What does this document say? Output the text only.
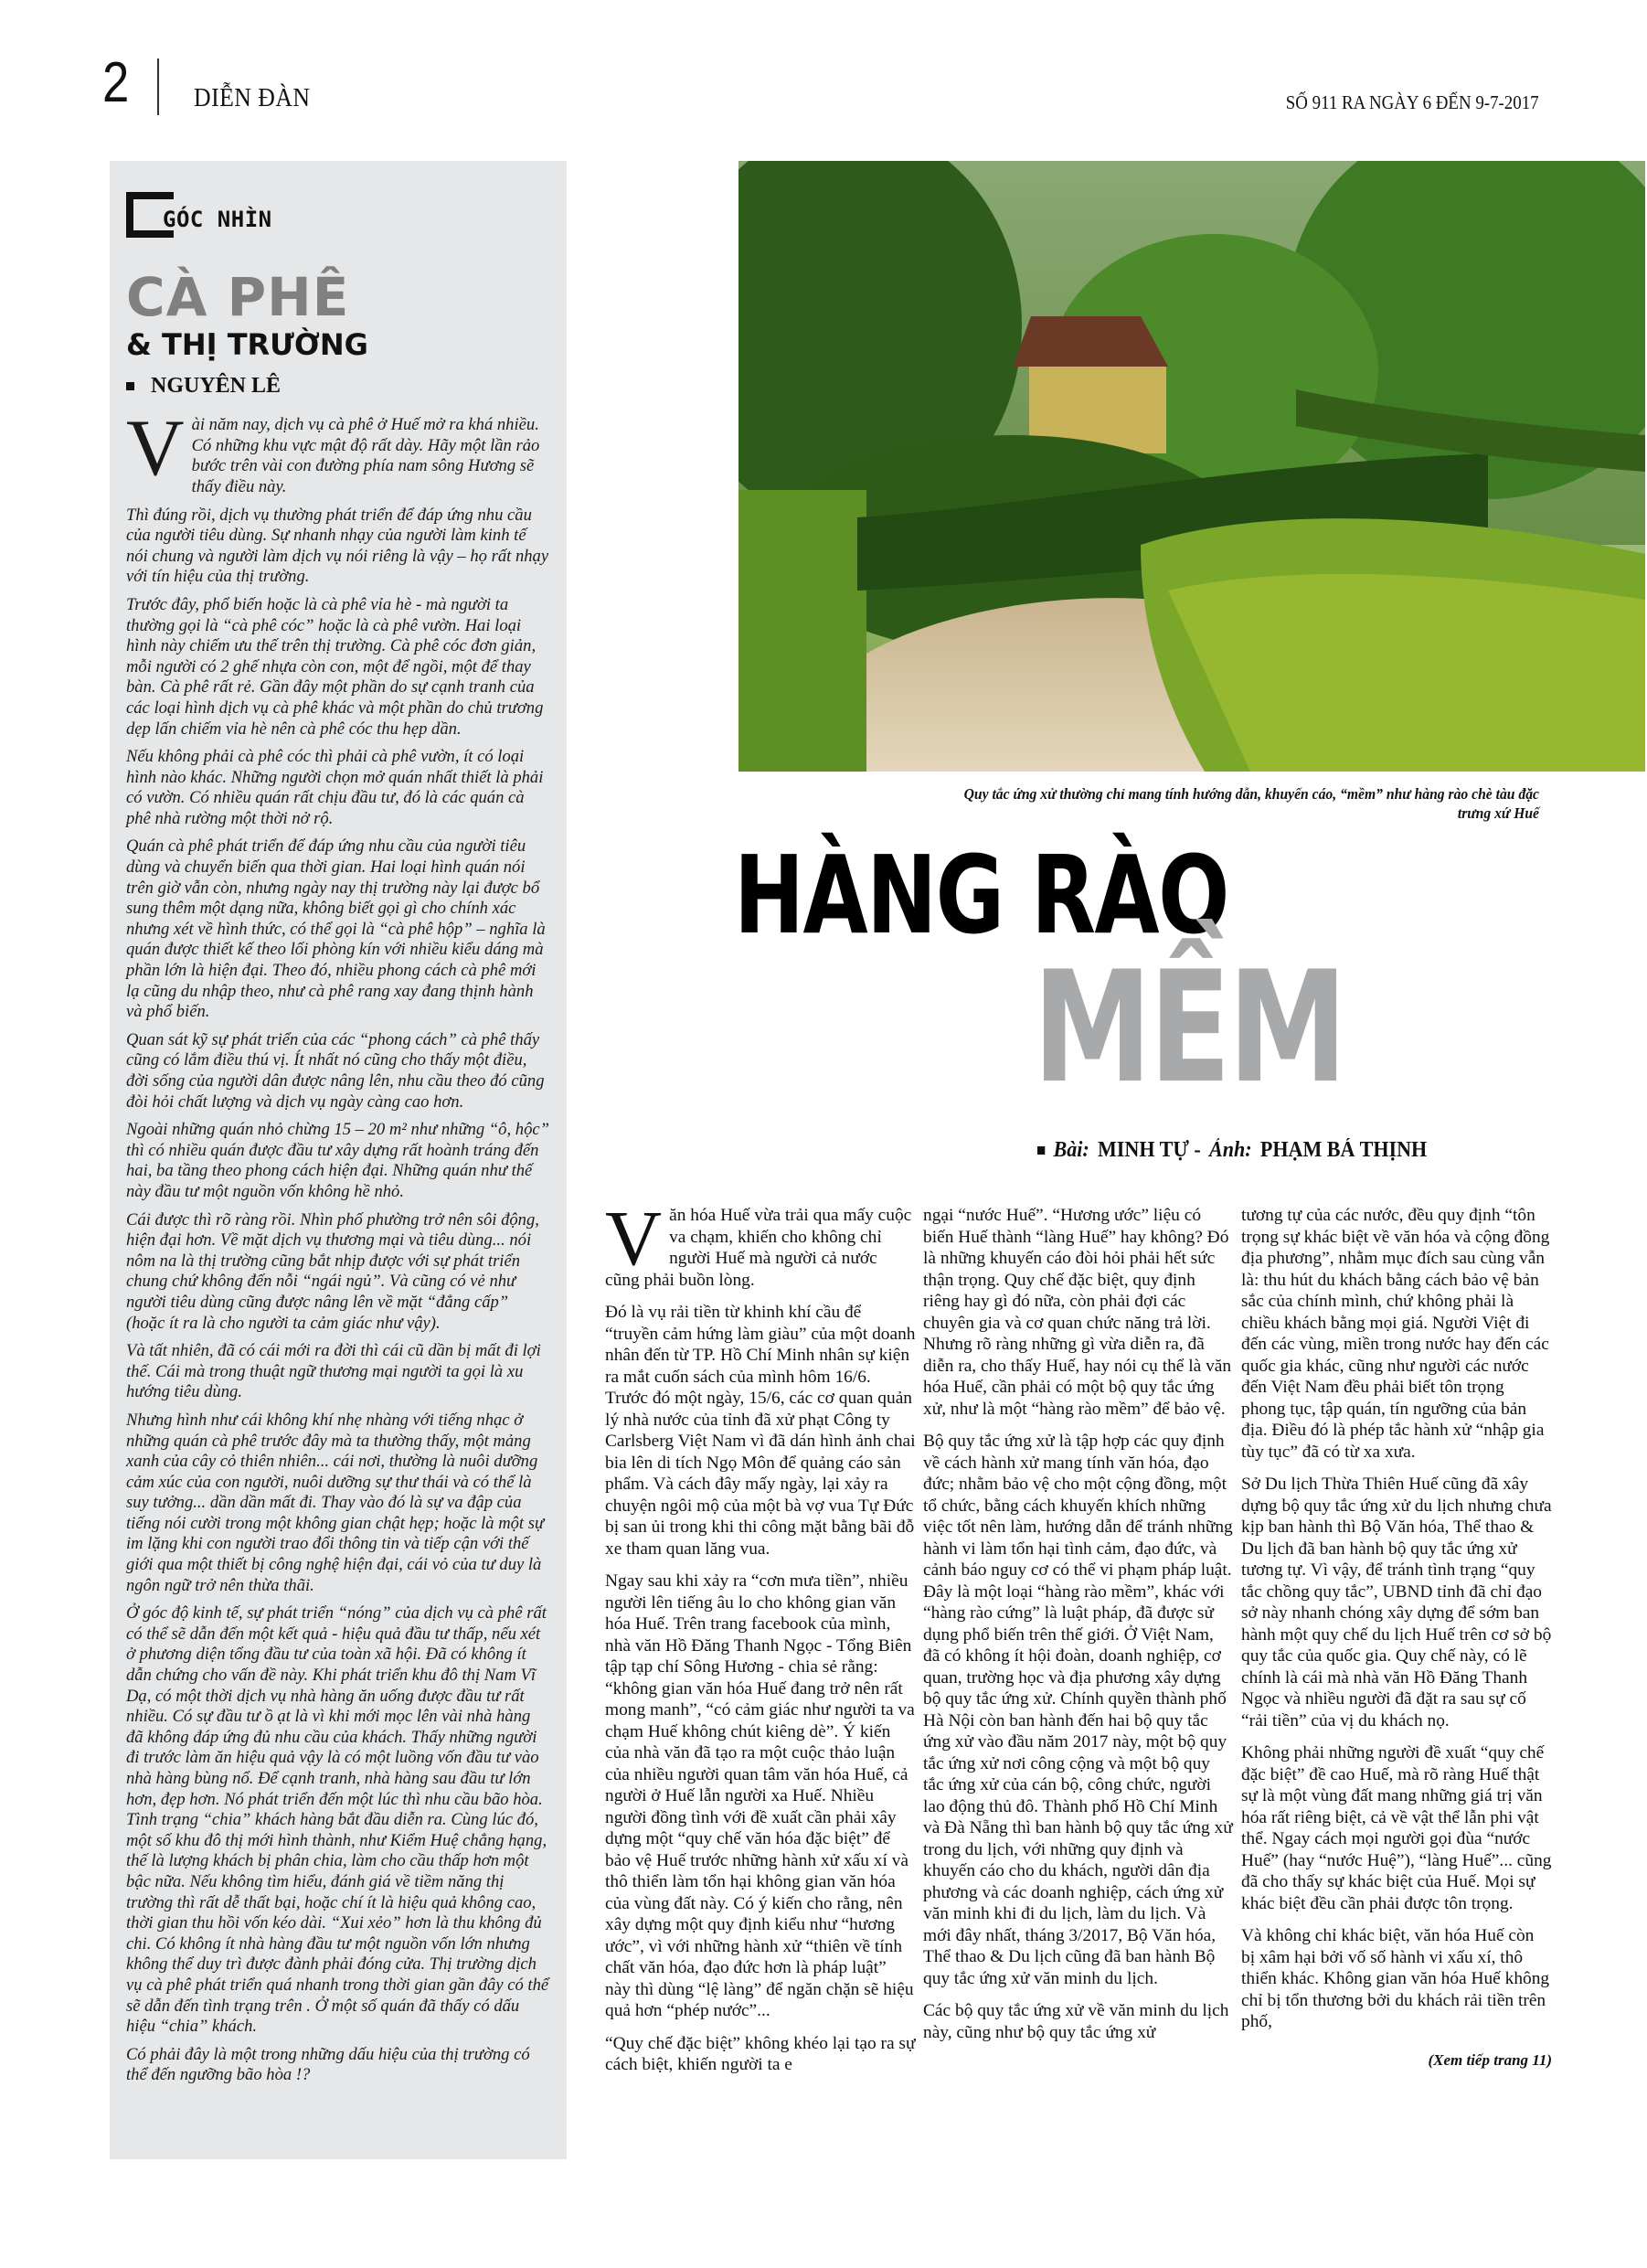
2	DIỄN ĐÀN	SỐ 911 RA NGÀY 6 ĐẾN 9-7-2017
GÓC NHÌN
CÀ PHÊ
& THỊ TRƯỜNG
NGUYÊN LÊ

Vài năm nay, dịch vụ cà phê ở Huế mở ra khá nhiều. Có những khu vực mật độ rất dày. Hãy một lần rảo bước trên vài con đường phía nam sông Hương sẽ thấy điều này.

Thì đúng rồi, dịch vụ thường phát triển để đáp ứng nhu cầu của người tiêu dùng. Sự nhanh nhạy của người làm kinh tế nói chung và người làm dịch vụ nói riêng là vậy – họ rất nhạy với tín hiệu của thị trường.

Trước đây, phổ biến hoặc là cà phê vỉa hè - mà người ta thường gọi là “cà phê cóc” hoặc là cà phê vườn. Hai loại hình này chiếm ưu thế trên thị trường. Cà phê cóc đơn giản, mỗi người có 2 ghế nhựa còn con, một để ngồi, một để thay bàn. Cà phê rất rẻ. Gần đây một phần do sự cạnh tranh của các loại hình dịch vụ cà phê khác và một phần do chủ trương dẹp lấn chiếm vỉa hè nên cà phê cóc thu hẹp dần.

Nếu không phải cà phê cóc thì phải cà phê vườn, ít có loại hình nào khác. Những người chọn mở quán nhất thiết là phải có vườn. Có nhiều quán rất chịu đầu tư, đó là các quán cà phê nhà rường một thời nở rộ.

Quán cà phê phát triển để đáp ứng nhu cầu của người tiêu dùng và chuyển biến qua thời gian. Hai loại hình quán nói trên giờ vẫn còn, nhưng ngày nay thị trường này lại được bổ sung thêm một dạng nữa, không biết gọi gì cho chính xác nhưng xét về hình thức, có thể gọi là “cà phê hộp” – nghĩa là quán được thiết kế theo lối phòng kín với nhiều kiểu dáng mà phần lớn là hiện đại. Theo đó, nhiều phong cách cà phê mới lạ cũng du nhập theo, như cà phê rang xay đang thịnh hành và phổ biến.

Quan sát kỹ sự phát triển của các “phong cách” cà phê thấy cũng có lắm điều thú vị. Ít nhất nó cũng cho thấy một điều, đời sống của người dân được nâng lên, nhu cầu theo đó cũng đòi hỏi chất lượng và dịch vụ ngày càng cao hơn.

Ngoài những quán nhỏ chừng 15 – 20 m² như những “ô, hộc” thì có nhiều quán được đầu tư xây dựng rất hoành tráng đến hai, ba tầng theo phong cách hiện đại. Những quán như thế này đầu tư một nguồn vốn không hề nhỏ.

Cái được thì rõ ràng rồi. Nhìn phố phường trở nên sôi động, hiện đại hơn. Về mặt dịch vụ thương mại và tiêu dùng... nói nôm na là thị trường cũng bắt nhịp được với sự phát triển chung chứ không đến nỗi “ngái ngủ”. Và cũng có vẻ như người tiêu dùng cũng được nâng lên về mặt “đẳng cấp” (hoặc ít ra là cho người ta cảm giác như vậy).

Và tất nhiên, đã có cái mới ra đời thì cái cũ dần bị mất đi lợi thế. Cái mà trong thuật ngữ thương mại người ta gọi là xu hướng tiêu dùng.

Nhưng hình như cái không khí nhẹ nhàng với tiếng nhạc ở những quán cà phê trước đây mà ta thường thấy, một mảng xanh của cây cỏ thiên nhiên... cái nơi, thường là nuôi dưỡng cảm xúc của con người, nuôi dưỡng sự thư thái và có thể là suy tưởng... dần dần mất đi. Thay vào đó là sự va đập của tiếng nói cười trong một không gian chật hẹp; hoặc là một sự im lặng khi con người trao đổi thông tin và tiếp cận với thế giới qua một thiết bị công nghệ hiện đại, cái vỏ của tư duy là ngôn ngữ trở nên thừa thãi.

Ở góc độ kinh tế, sự phát triển “nóng” của dịch vụ cà phê rất có thể sẽ dẫn đến một kết quả - hiệu quả đầu tư thấp, nếu xét ở phương diện tổng đầu tư của toàn xã hội. Đã có không ít dẫn chứng cho vấn đề này. Khi phát triển khu đô thị Nam Vĩ Dạ, có một thời dịch vụ nhà hàng ăn uống được đầu tư rất nhiều. Có sự đầu tư ồ ạt là vì khi mới mọc lên vài nhà hàng đã không đáp ứng đủ nhu cầu của khách. Thấy những người đi trước làm ăn hiệu quả vậy là có một luồng vốn đầu tư vào nhà hàng bùng nổ. Để cạnh tranh, nhà hàng sau đầu tư lớn hơn, đẹp hơn. Nó phát triển đến một lúc thì nhu cầu bão hòa. Tình trạng “chia” khách hàng bắt đầu diễn ra. Cùng lúc đó, một số khu đô thị mới hình thành, như Kiểm Huệ chẳng hạng, thế là lượng khách bị phân chia, làm cho cầu thấp hơn một bậc nữa. Nếu không tìm hiểu, đánh giá về tiềm năng thị trường thì rất dễ thất bại, hoặc chí ít là hiệu quả không cao, thời gian thu hồi vốn kéo dài. “Xui xẻo” hơn là thu không đủ chi. Có không ít nhà hàng đầu tư một nguồn vốn lớn nhưng không thể duy trì được đành phải đóng cửa. Thị trường dịch vụ cà phê phát triển quá nhanh trong thời gian gần đây có thể sẽ dẫn đến tình trạng trên . Ở một số quán đã thấy có dấu hiệu “chia” khách.

Có phải đây là một trong những dấu hiệu của thị trường có thể đến ngưỡng bão hòa !?

Quy tắc ứng xử thường chỉ mang tính hướng dẫn, khuyến cáo, “mềm” như hàng rào chè tàu đặc trưng xứ Huế
HÀNG RÀO
MỀM
Bài: MINH TỰ - Ảnh: PHẠM BÁ THỊNH

Văn hóa Huế vừa trải qua mấy cuộc va chạm, khiến cho không chỉ người Huế mà người cả nước cũng phải buồn lòng.

Đó là vụ rải tiền từ khinh khí cầu để “truyền cảm hứng làm giàu” của một doanh nhân đến từ TP. Hồ Chí Minh nhân sự kiện ra mắt cuốn sách của mình hôm 16/6. Trước đó một ngày, 15/6, các cơ quan quản lý nhà nước của tỉnh đã xử phạt Công ty Carlsberg Việt Nam vì đã dán hình ảnh chai bia lên di tích Ngọ Môn để quảng cáo sản phẩm. Và cách đây mấy ngày, lại xảy ra chuyện ngôi mộ của một bà vợ vua Tự Đức bị san ủi trong khi thi công mặt bằng bãi đỗ xe tham quan lăng vua.

Ngay sau khi xảy ra “cơn mưa tiền”, nhiều người lên tiếng âu lo cho không gian văn hóa Huế. Trên trang facebook của mình, nhà văn Hồ Đăng Thanh Ngọc - Tổng Biên tập tạp chí Sông Hương - chia sẻ rằng: “không gian văn hóa Huế đang trở nên rất mong manh”, “có cảm giác như người ta va chạm Huế không chút kiêng dè”. Ý kiến của nhà văn đã tạo ra một cuộc thảo luận của nhiều người quan tâm văn hóa Huế, cả người ở Huế lẫn người xa Huế. Nhiều người đồng tình với đề xuất cần phải xây dựng một “quy chế văn hóa đặc biệt” để bảo vệ Huế trước những hành xử xấu xí và thô thiển làm tổn hại không gian văn hóa của vùng đất này. Có ý kiến cho rằng, nên xây dựng một quy định kiểu như “hương ước”, vì với những hành xử “thiên về tính chất văn hóa, đạo đức hơn là pháp luật” này thì dùng “lệ làng” để ngăn chặn sẽ hiệu quả hơn “phép nước”...

“Quy chế đặc biệt” không khéo lại tạo ra sự cách biệt, khiến người ta e

ngại “nước Huế”. “Hương ước” liệu có biến Huế thành “làng Huế” hay không? Đó là những khuyến cáo đòi hỏi phải hết sức thận trọng. Quy chế đặc biệt, quy định riêng hay gì đó nữa, còn phải đợi các chuyên gia và cơ quan chức năng trả lời. Nhưng rõ ràng những gì vừa diễn ra, đã diễn ra, cho thấy Huế, hay nói cụ thể là văn hóa Huế, cần phải có một bộ quy tắc ứng xử, như là một “hàng rào mềm” để bảo vệ.

Bộ quy tắc ứng xử là tập hợp các quy định về cách hành xử mang tính văn hóa, đạo đức; nhằm bảo vệ cho một cộng đồng, một tổ chức, bằng cách khuyến khích những việc tốt nên làm, hướng dẫn để tránh những hành vi làm tổn hại tình cảm, đạo đức, và cảnh báo nguy cơ có thể vi phạm pháp luật. Đây là một loại “hàng rào mềm”, khác với “hàng rào cứng” là luật pháp, đã được sử dụng phổ biến trên thế giới. Ở Việt Nam, đã có không ít hội đoàn, doanh nghiệp, cơ quan, trường học và địa phương xây dựng bộ quy tắc ứng xử. Chính quyền thành phố Hà Nội còn ban hành đến hai bộ quy tắc ứng xử vào đầu năm 2017 này, một bộ quy tắc ứng xử nơi công cộng và một bộ quy tắc ứng xử của cán bộ, công chức, người lao động thủ đô. Thành phố Hồ Chí Minh và Đà Nẵng thì ban hành bộ quy tắc ứng xử trong du lịch, với những quy định và khuyến cáo cho du khách, người dân địa phương và các doanh nghiệp, cách ứng xử văn minh khi đi du lịch, làm du lịch. Và mới đây nhất, tháng 3/2017, Bộ Văn hóa, Thể thao & Du lịch cũng đã ban hành Bộ quy tắc ứng xử văn minh du lịch.

Các bộ quy tắc ứng xử về văn minh du lịch này, cũng như bộ quy tắc ứng xử

tương tự của các nước, đều quy định “tôn trọng sự khác biệt về văn hóa và cộng đồng địa phương”, nhằm mục đích sau cùng vẫn là: thu hút du khách bằng cách bảo vệ bản sắc của chính mình, chứ không phải là chiều khách bằng mọi giá. Người Việt đi đến các vùng, miền trong nước hay đến các quốc gia khác, cũng như người các nước đến Việt Nam đều phải biết tôn trọng phong tục, tập quán, tín ngưỡng của bản địa. Điều đó là phép tắc hành xử “nhập gia tùy tục” đã có từ xa xưa.

Sở Du lịch Thừa Thiên Huế cũng đã xây dựng bộ quy tắc ứng xử du lịch nhưng chưa kịp ban hành thì Bộ Văn hóa, Thể thao & Du lịch đã ban hành bộ quy tắc ứng xử tương tự. Vì vậy, để tránh tình trạng “quy tắc chồng quy tắc”, UBND tỉnh đã chỉ đạo sở này nhanh chóng xây dựng để sớm ban hành một quy chế du lịch Huế trên cơ sở bộ quy tắc của quốc gia. Quy chế này, có lẽ chính là cái mà nhà văn Hồ Đăng Thanh Ngọc và nhiều người đã đặt ra sau sự cố “rải tiền” của vị du khách nọ.

Không phải những người đề xuất “quy chế đặc biệt” đề cao Huế, mà rõ ràng Huế thật sự là một vùng đất mang những giá trị văn hóa rất riêng biệt, cả về vật thể lẫn phi vật thể. Ngay cách mọi người gọi đùa “nước Huế” (hay “nước Huệ”), “làng Huế”... cũng đã cho thấy sự khác biệt của Huế. Mọi sự khác biệt đều cần phải được tôn trọng.

Và không chỉ khác biệt, văn hóa Huế còn bị xâm hại bởi vố số hành vi xấu xí, thô thiển khác. Không gian văn hóa Huế không chỉ bị tổn thương bởi du khách rải tiền trên phố,

(Xem tiếp trang 11)
